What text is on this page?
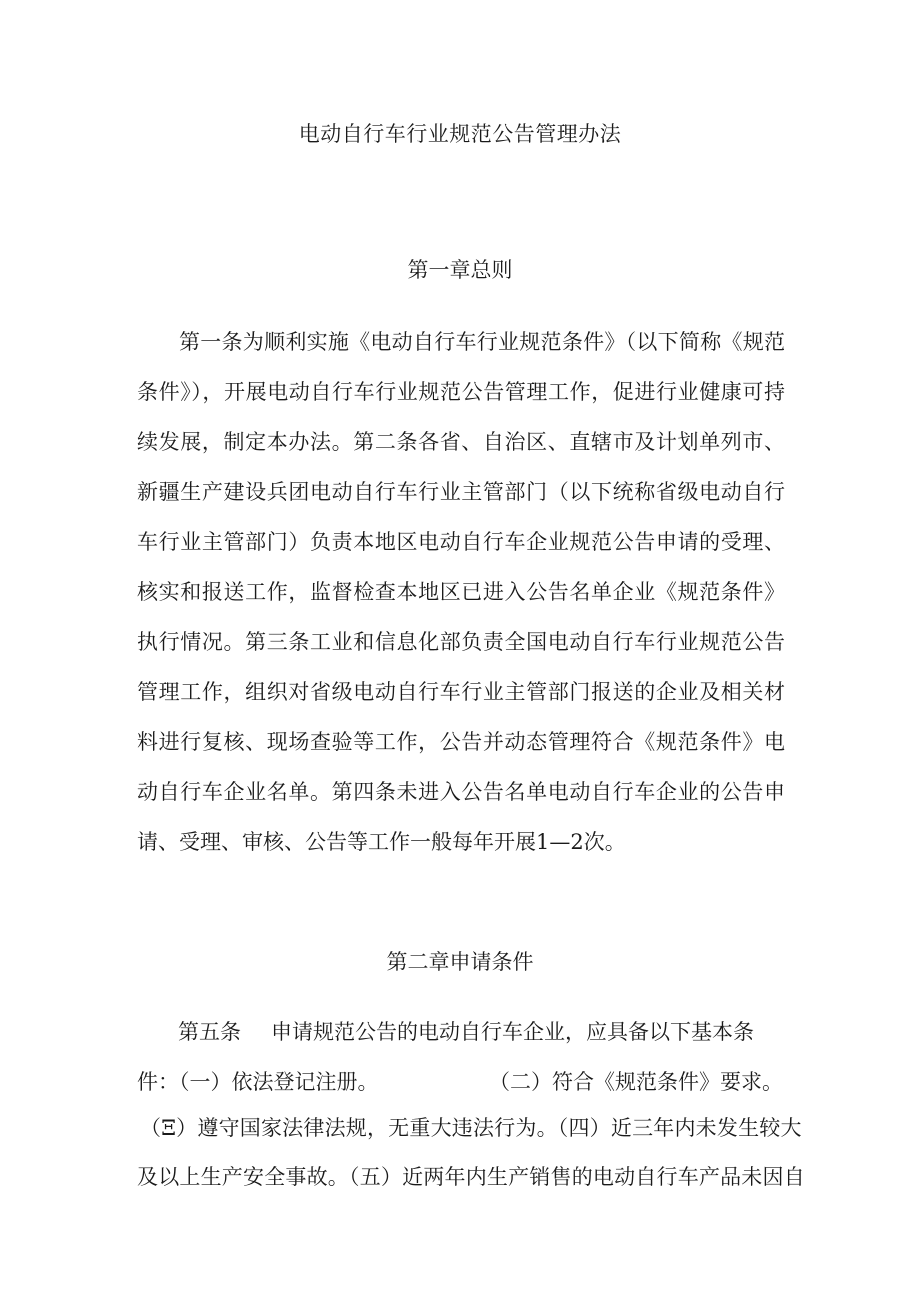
电动自行车行业规范公告管理办法
第一章总则

第一条为顺利实施《电动自行车行业规范条件》（以下简称《规范条件》），开展电动自行车行业规范公告管理工作，促进行业健康可持续发展，制定本办法。第二条各省、自治区、直辖市及计划单列市、新疆生产建设兵团电动自行车行业主管部门（以下统称省级电动自行车行业主管部门）负责本地区电动自行车企业规范公告申请的受理、核实和报送工作，监督检查本地区已进入公告名单企业《规范条件》执行情况。第三条工业和信息化部负责全国电动自行车行业规范公告管理工作，组织对省级电动自行车行业主管部门报送的企业及相关材料进行复核、现场查验等工作，公告并动态管理符合《规范条件》电动自行车企业名单。第四条未进入公告名单电动自行车企业的公告申请、受理、审核、公告等工作一般每年开展1—2次。

第二章申请条件
第五条 申请规范公告的电动自行车企业，应具备以下基本条
件：（一）依法登记注册。	（二）符合《规范条件》要求。
（Ξ）遵守国家法律法规，无重大违法行为。（四）近三年内未发生较大
及以上生产安全事故。（五）近两年内生产销售的电动自行车产品未因自
